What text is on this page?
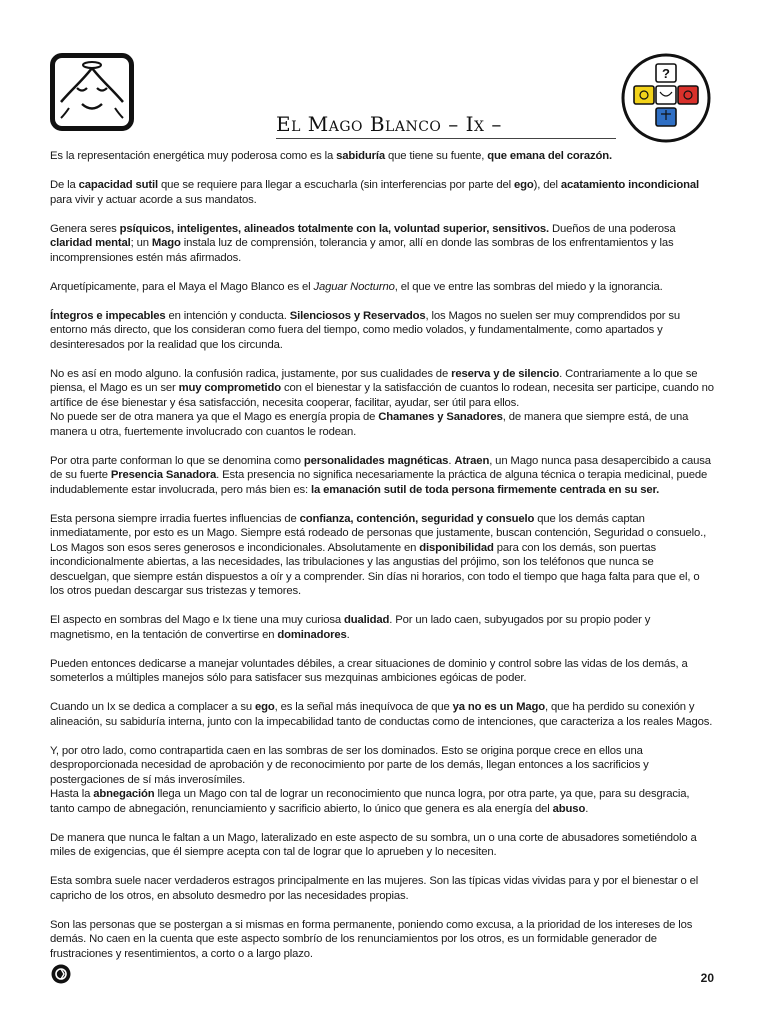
?
El Mago Blanco – Ix –

Es la representación energética muy poderosa como es la sabiduría que tiene su fuente, que emana del corazón.

De la capacidad sutil que se requiere para llegar a escucharla (sin interferencias por parte del ego), del acatamiento incondicional para vivir y actuar acorde a sus mandatos.

Genera seres psíquicos, inteligentes, alineados totalmente con la, voluntad superior, sensitivos. Dueños de una poderosa claridad mental; un Mago instala luz de comprensión, tolerancia y amor, allí en donde las sombras de los enfrentamientos y las incomprensiones estén más afirmados.

Arquetípicamente, para el Maya el Mago Blanco es el Jaguar Nocturno, el que ve entre las sombras del miedo y la ignorancia.

Íntegros e impecables en intención y conducta. Silenciosos y Reservados, los Magos no suelen ser muy comprendidos por su entorno más directo, que los consideran como fuera del tiempo, como medio volados, y fundamentalmente, como apartados y desinteresados por la realidad que los circunda.

No es así en modo alguno. la confusión radica, justamente, por sus cualidades de reserva y de silencio. Contrariamente a lo que se piensa, el Mago es un ser muy comprometido con el bienestar y la satisfacción de cuantos lo rodean, necesita ser participe, cuando no artífice de ése bienestar y ésa satisfacción, necesita cooperar, facilitar, ayudar, ser útil para ellos.

No puede ser de otra manera ya que el Mago es energía propia de Chamanes y Sanadores, de manera que siempre está, de una manera u otra, fuertemente involucrado con cuantos le rodean.

Por otra parte conforman lo que se denomina como personalidades magnéticas. Atraen, un Mago nunca pasa desapercibido a causa de su fuerte Presencia Sanadora. Esta presencia no significa necesariamente la práctica de alguna técnica o terapia medicinal, puede indudablemente estar involucrada, pero más bien es: la emanación sutil de toda persona firmemente centrada en su ser.

Esta persona siempre irradia fuertes influencias de confianza, contención, seguridad y consuelo que los demás captan inmediatamente, por esto es un Mago. Siempre está rodeado de personas que justamente, buscan contención, Seguridad o consuelo., Los Magos son esos seres generosos e incondicionales. Absolutamente en disponibilidad para con los demás, son puertas incondicionalmente abiertas, a las necesidades, las tribulaciones y las angustias del prójimo, son los teléfonos que nunca se descuelgan, que siempre están dispuestos a oír y a comprender. Sin días ni horarios, con todo el tiempo que haga falta para que el, o los otros puedan descargar sus tristezas y temores.

El aspecto en sombras del Mago e Ix tiene una muy curiosa dualidad. Por un lado caen, subyugados por su propio poder y magnetismo, en la tentación de convertirse en dominadores.

Pueden entonces dedicarse a manejar voluntades débiles, a crear situaciones de dominio y control sobre las vidas de los demás, a someterlos a múltiples manejos sólo para satisfacer sus mezquinas ambiciones egóicas de poder.

Cuando un Ix se dedica a complacer a su ego, es la señal más inequívoca de que ya no es un Mago, que ha perdido su conexión y alineación, su sabiduría interna, junto con la impecabilidad tanto de conductas como de intenciones, que caracteriza a los reales Magos.

Y, por otro lado, como contrapartida caen en las sombras de ser los dominados. Esto se origina porque crece en ellos una desproporcionada necesidad de aprobación y de reconocimiento por parte de los demás, llegan entonces a los sacrificios y postergaciones de sí más inverosímiles.

Hasta la abnegación llega un Mago con tal de lograr un reconocimiento que nunca logra, por otra parte, ya que, para su desgracia, tanto campo de abnegación, renunciamiento y sacrificio abierto, lo único que genera es ala energía del abuso.

De manera que nunca le faltan a un Mago, lateralizado en este aspecto de su sombra, un o una corte de abusadores sometiéndolo a miles de exigencias, que él siempre acepta con tal de lograr que lo aprueben y lo necesiten.

Esta sombra suele nacer verdaderos estragos principalmente en las mujeres. Son las típicas vidas vividas para y por el bienestar o el capricho de los otros, en absoluto desmedro por las necesidades propias.

Son las personas que se postergan a si mismas en forma permanente, poniendo como excusa, a la prioridad de los intereses de los demás. No caen en la cuenta que este aspecto sombrío de los renunciamientos por los otros, es un formidable generador de frustraciones y resentimientos, a corto o a largo plazo.

20
